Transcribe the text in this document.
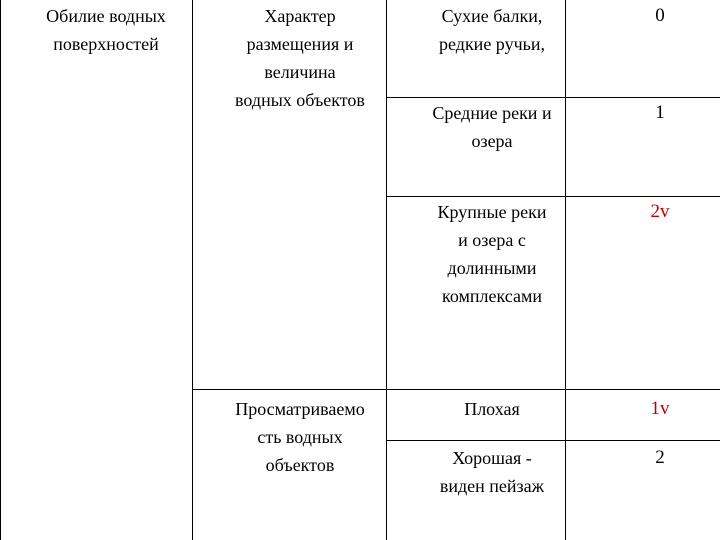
Обилие водных
поверхностей
Характер
размещения и
величина
водных объектов
Просматриваемо
сть водных
объектов
Сухие балки,
редкие ручьи,
0
Средние реки и
озера
1
Крупные реки
и озера с
долинными
комплексами
2v
Плохая	1v
Хорошая -
виден пейзаж
2
